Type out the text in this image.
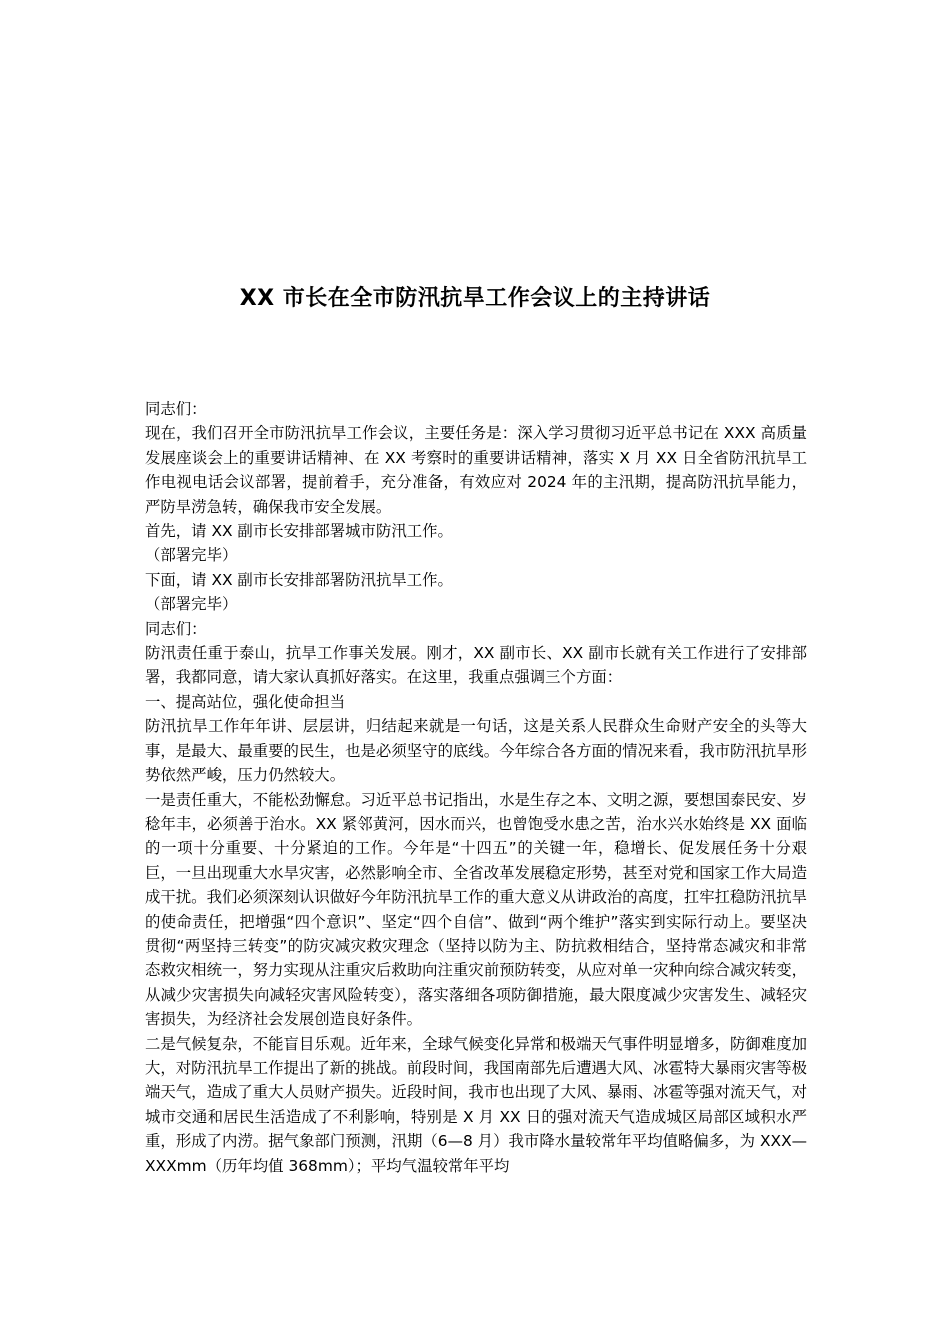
XX 市长在全市防汛抗旱工作会议上的主持讲话

同志们：

现在，我们召开全市防汛抗旱工作会议，主要任务是：深入学习贯彻习近平总书记在 XXX 高质量发展座谈会上的重要讲话精神、在 XX 考察时的重要讲话精神，落实 X 月 XX 日全省防汛抗旱工作电视电话会议部署，提前着手，充分准备，有效应对 2024 年的主汛期，提高防汛抗旱能力，严防旱涝急转，确保我市安全发展。

首先，请 XX 副市长安排部署城市防汛工作。

（部署完毕）

下面，请 XX 副市长安排部署防汛抗旱工作。

（部署完毕）

同志们：

防汛责任重于泰山，抗旱工作事关发展。刚才，XX 副市长、XX 副市长就有关工作进行了安排部署，我都同意，请大家认真抓好落实。在这里，我重点强调三个方面：

一、提高站位，强化使命担当

防汛抗旱工作年年讲、层层讲，归结起来就是一句话，这是关系人民群众生命财产安全的头等大事，是最大、最重要的民生，也是必须坚守的底线。今年综合各方面的情况来看，我市防汛抗旱形势依然严峻，压力仍然较大。

一是责任重大，不能松劲懈怠。习近平总书记指出，水是生存之本、文明之源，要想国泰民安、岁稔年丰，必须善于治水。XX 紧邻黄河，因水而兴，也曾饱受水患之苦，治水兴水始终是 XX 面临的一项十分重要、十分紧迫的工作。今年是“十四五”的关键一年，稳增长、促发展任务十分艰巨，一旦出现重大水旱灾害，必然影响全市、全省改革发展稳定形势，甚至对党和国家工作大局造成干扰。我们必须深刻认识做好今年防汛抗旱工作的重大意义从讲政治的高度，扛牢扛稳防汛抗旱的使命责任，把增强“四个意识”、坚定“四个自信”、做到“两个维护”落实到实际行动上。要坚决贯彻“两坚持三转变”的防灾减灾救灾理念（坚持以防为主、防抗救相结合，坚持常态减灾和非常态救灾相统一，努力实现从注重灾后救助向注重灾前预防转变，从应对单一灾种向综合减灾转变，从减少灾害损失向减轻灾害风险转变），落实落细各项防御措施，最大限度减少灾害发生、减轻灾害损失，为经济社会发展创造良好条件。

二是气候复杂，不能盲目乐观。近年来，全球气候变化异常和极端天气事件明显增多，防御难度加大，对防汛抗旱工作提出了新的挑战。前段时间，我国南部先后遭遇大风、冰雹特大暴雨灾害等极端天气，造成了重大人员财产损失。近段时间，我市也出现了大风、暴雨、冰雹等强对流天气，对城市交通和居民生活造成了不利影响，特别是 X 月 XX 日的强对流天气造成城区局部区域积水严重，形成了内涝。据气象部门预测，汛期（6—8 月）我市降水量较常年平均值略偏多，为 XXX—XXXmm（历年均值 368mm）；平均气温较常年平均
